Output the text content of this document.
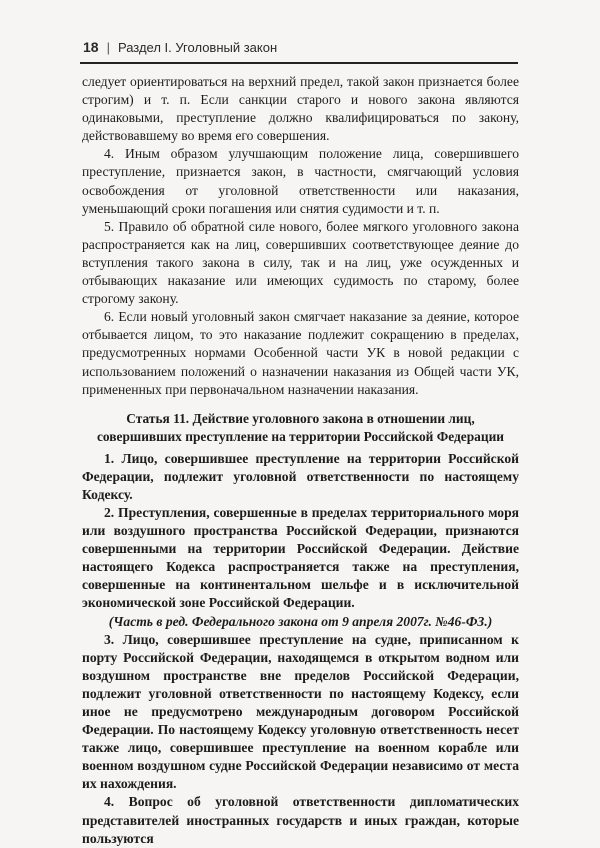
18 | Раздел I. Уголовный закон

следует ориентироваться на верхний предел, такой закон признается более строгим) и т. п. Если санкции старого и нового закона являются одинаковыми, преступление должно квалифицироваться по закону, действовавшему во время его совершения.

4. Иным образом улучшающим положение лица, совершившего преступление, признается закон, в частности, смягчающий условия освобождения от уголовной ответственности или наказания, уменьшающий сроки погашения или снятия судимости и т. п.

5. Правило об обратной силе нового, более мягкого уголовного закона распространяется как на лиц, совершивших соответствующее деяние до вступления такого закона в силу, так и на лиц, уже осужденных и отбывающих наказание или имеющих судимость по старому, более строгому закону.

6. Если новый уголовный закон смягчает наказание за деяние, которое отбывается лицом, то это наказание подлежит сокращению в пределах, предусмотренных нормами Особенной части УК в новой редакции с использованием положений о назначении наказания из Общей части УК, примененных при первоначальном назначении наказания.

Статья 11. Действие уголовного закона в отношении лиц,
совершивших преступление на территории Российской Федерации

1. Лицо, совершившее преступление на территории Российской Федерации, подлежит уголовной ответственности по настоящему Кодексу.

2. Преступления, совершенные в пределах территориального моря или воздушного пространства Российской Федерации, признаются совершенными на территории Российской Федерации. Действие настоящего Кодекса распространяется также на преступления, совершенные на континентальном шельфе и в исключительной экономической зоне Российской Федерации.

(Часть в ред. Федерального закона от 9 апреля 2007г. №46-ФЗ.)

3. Лицо, совершившее преступление на судне, приписанном к порту Российской Федерации, находящемся в открытом водном или воздушном пространстве вне пределов Российской Федерации, подлежит уголовной ответственности по настоящему Кодексу, если иное не предусмотрено международным договором Российской Федерации. По настоящему Кодексу уголовную ответственность несет также лицо, совершившее преступление на военном корабле или военном воздушном судне Российской Федерации независимо от места их нахождения.

4. Вопрос об уголовной ответственности дипломатических представителей иностранных государств и иных граждан, которые пользуются
